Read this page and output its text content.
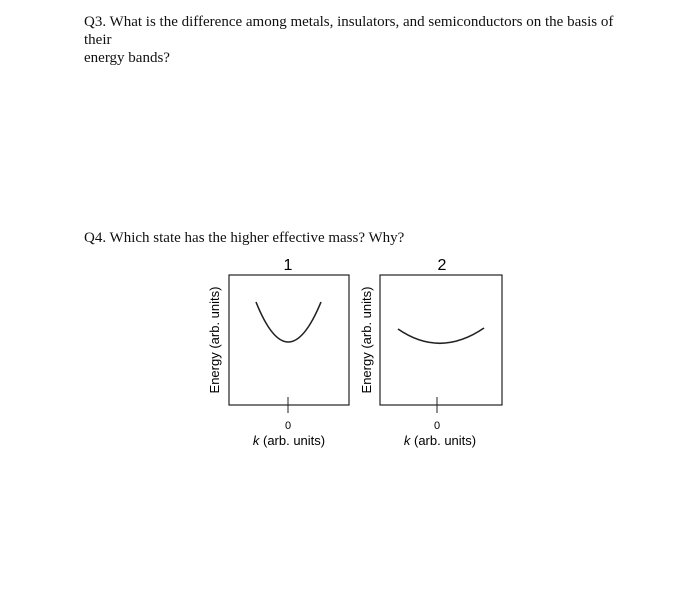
Q3. What is the difference among metals, insulators, and semiconductors on the basis of their
energy bands?
Q4. Which state has the higher effective mass? Why?
1
0
k (arb. units)
Energy (arb. units)
2
0
k (arb. units)
Energy (arb. units)
